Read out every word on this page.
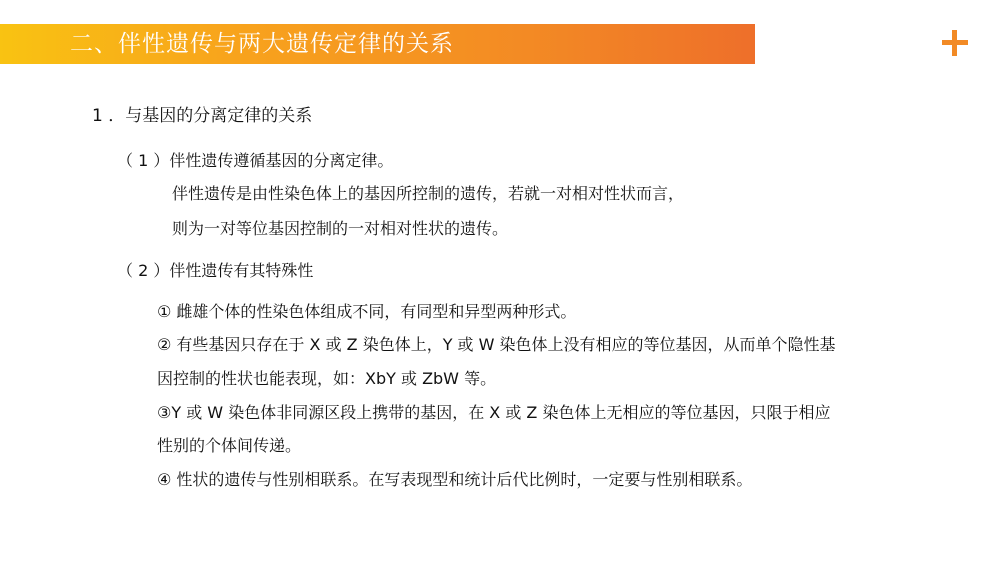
二、伴性遗传与两大遗传定律的关系
1 ．与基因的分离定律的关系
（ 1 ）伴性遗传遵循基因的分离定律。
伴性遗传是由性染色体上的基因所控制的遗传，若就一对相对性状而言，
则为一对等位基因控制的一对相对性状的遗传。
（ 2 ）伴性遗传有其特殊性
① 雌雄个体的性染色体组成不同，有同型和异型两种形式。
② 有些基因只存在于 X 或 Z 染色体上，Y 或 W 染色体上没有相应的等位基因，从而单个隐性基
因控制的性状也能表现，如：XbY 或 ZbW 等。
③Y 或 W 染色体非同源区段上携带的基因，在 X 或 Z 染色体上无相应的等位基因，只限于相应
性别的个体间传递。
④ 性状的遗传与性别相联系。在写表现型和统计后代比例时，一定要与性别相联系。
